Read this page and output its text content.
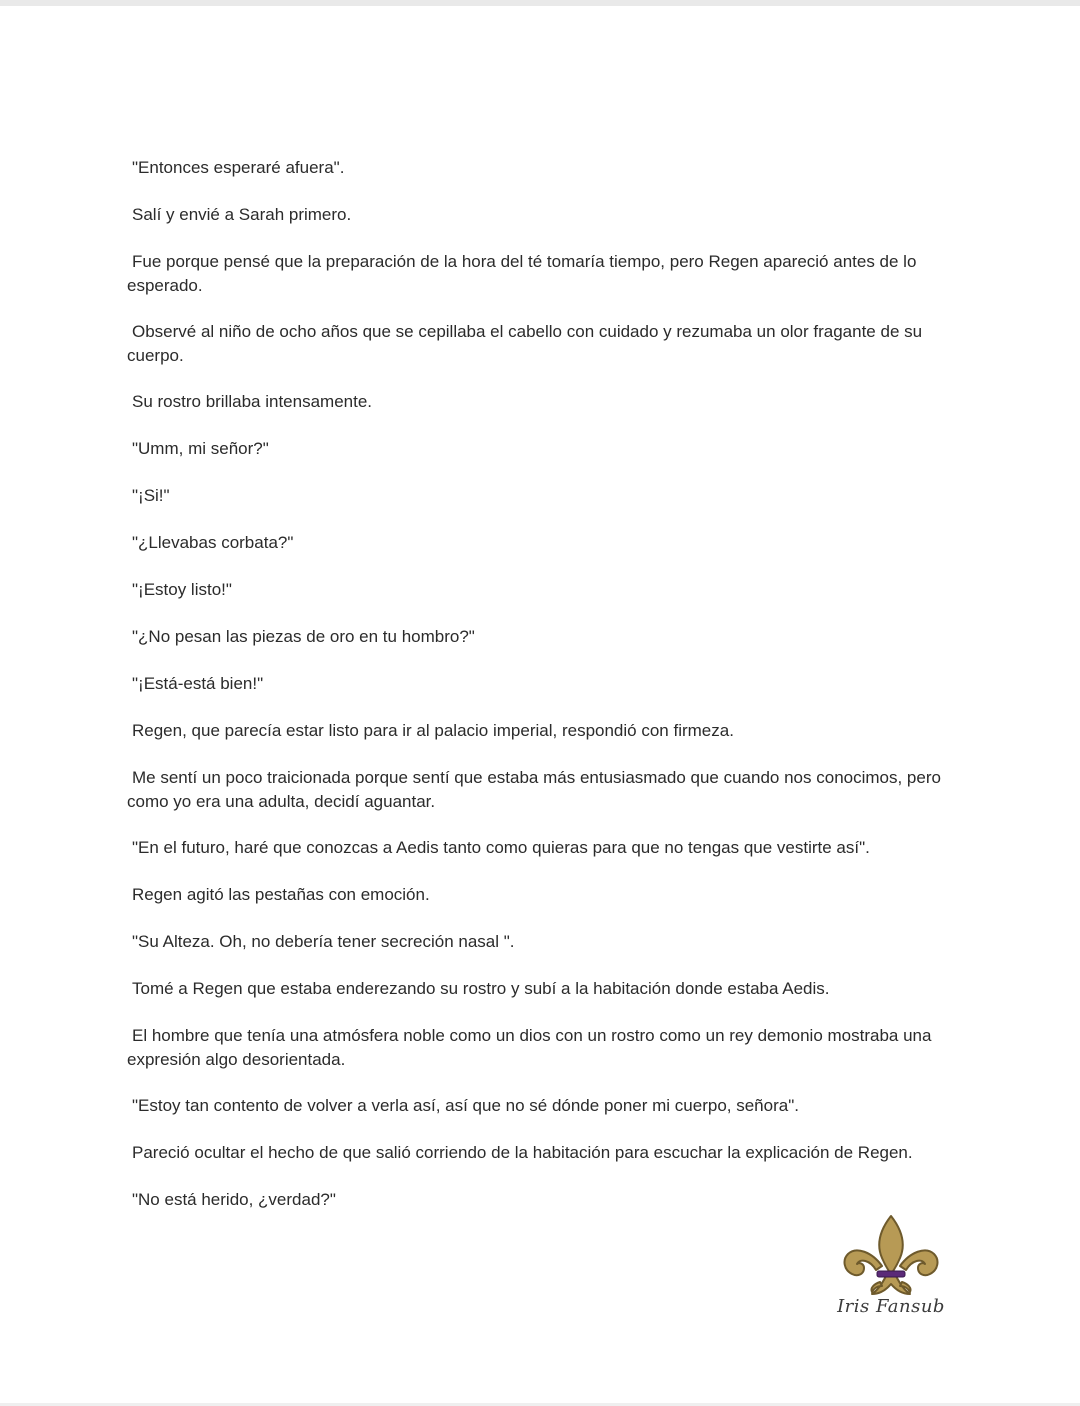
"Entonces esperaré afuera".

Salí y envié a Sarah primero.

Fue porque pensé que la preparación de la hora del té tomaría tiempo, pero Regen apareció antes de lo esperado.

Observé al niño de ocho años que se cepillaba el cabello con cuidado y rezumaba un olor fragante de su cuerpo.

Su rostro brillaba intensamente.

"Umm, mi señor?"

"¡Si!"

"¿Llevabas corbata?"

"¡Estoy listo!"

"¿No pesan las piezas de oro en tu hombro?"

"¡Está-está bien!"

Regen, que parecía estar listo para ir al palacio imperial, respondió con firmeza.

Me sentí un poco traicionada porque sentí que estaba más entusiasmado que cuando nos conocimos, pero como yo era una adulta, decidí aguantar.

"En el futuro, haré que conozcas a Aedis tanto como quieras para que no tengas que vestirte así".

Regen agitó las pestañas con emoción.

"Su Alteza. Oh, no debería tener secreción nasal ".

Tomé a Regen que estaba enderezando su rostro y subí a la habitación donde estaba Aedis.

El hombre que tenía una atmósfera noble como un dios con un rostro como un rey demonio mostraba una expresión algo desorientada.

"Estoy tan contento de volver a verla así, así que no sé dónde poner mi cuerpo, señora".

Pareció ocultar el hecho de que salió corriendo de la habitación para escuchar la explicación de Regen.

"No está herido, ¿verdad?"

Iris Fansub
